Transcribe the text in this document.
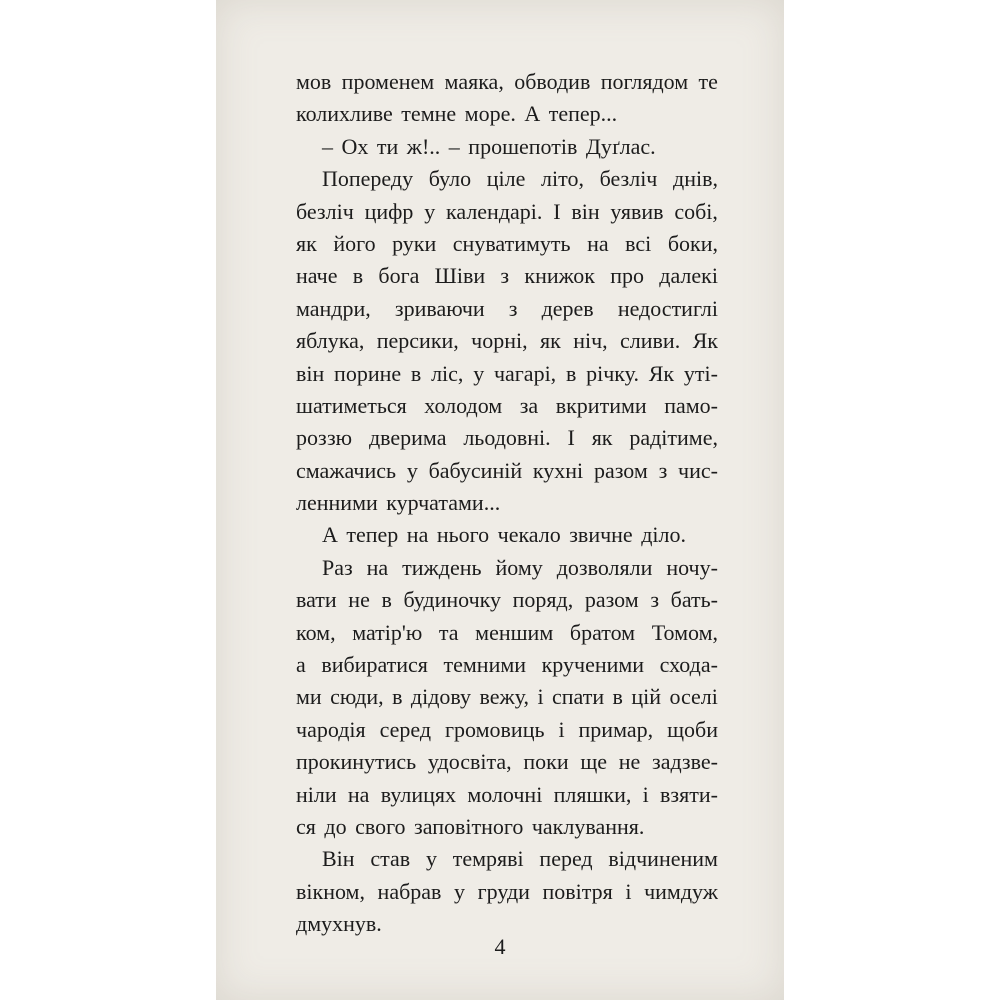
мов променем маяка, обводив поглядом те
колихливе темне море. А тепер...
– Ох ти ж!.. – прошепотів Дуґлас.
Попереду було ціле літо, безліч днів,
безліч цифр у календарі. І він уявив собі,
як його руки снуватимуть на всі боки,
наче в бога Шіви з книжок про далекі
мандри, зриваючи з дерев недостиглі
яблука, персики, чорні, як ніч, сливи. Як
він порине в ліс, у чагарі, в річку. Як уті-
шатиметься холодом за вкритими памо-
роззю дверима льодовні. І як радітиме,
смажачись у бабусиній кухні разом з чис-
ленними курчатами...
А тепер на нього чекало звичне діло.
Раз на тиждень йому дозволяли ночу-
вати не в будиночку поряд, разом з бать-
ком, матір'ю та меншим братом Томом,
а вибиратися темними крученими схода-
ми сюди, в дідову вежу, і спати в цій оселі
чародія серед громовиць і примар, щоби
прокинутись удосвіта, поки ще не задзве-
ніли на вулицях молочні пляшки, і взяти-
ся до свого заповітного чаклування.
Він став у темряві перед відчиненим
вікном, набрав у груди повітря і чимдуж
дмухнув.
4
